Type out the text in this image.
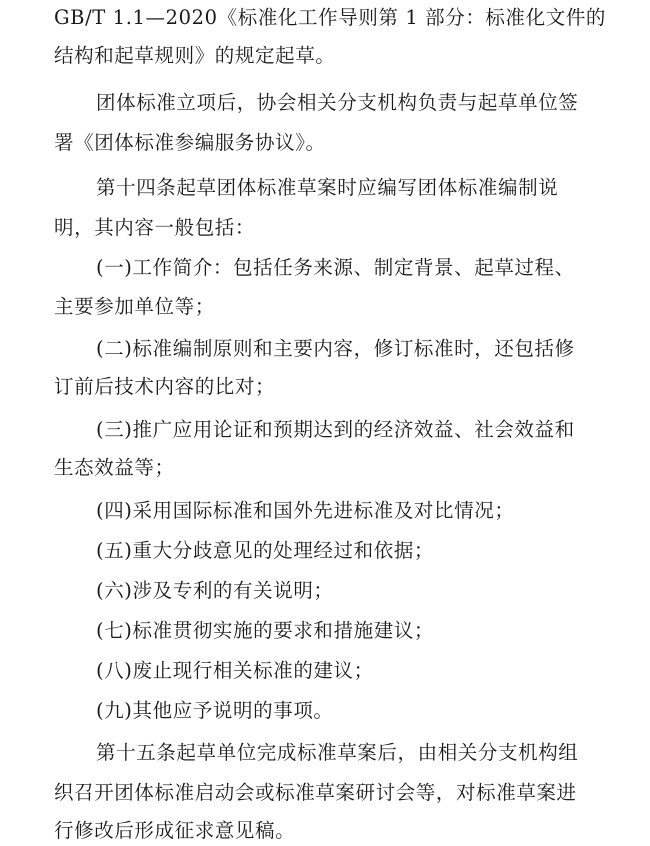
GB/T 1.1—2020《标准化工作导则第 1 部分：标准化文件的
结构和起草规则》的规定起草。
团体标准立项后，协会相关分支机构负责与起草单位签
署《团体标准参编服务协议》。
第十四条起草团体标准草案时应编写团体标准编制说
明，其内容一般包括：
(一)工作简介：包括任务来源、制定背景、起草过程、
主要参加单位等；
(二)标准编制原则和主要内容，修订标准时，还包括修
订前后技术内容的比对；
(三)推广应用论证和预期达到的经济效益、社会效益和
生态效益等；
(四)采用国际标准和国外先进标准及对比情况；
(五)重大分歧意见的处理经过和依据；
(六)涉及专利的有关说明；
(七)标准贯彻实施的要求和措施建议；
(八)废止现行相关标准的建议；
(九)其他应予说明的事项。
第十五条起草单位完成标准草案后，由相关分支机构组
织召开团体标准启动会或标准草案研讨会等，对标准草案进
行修改后形成征求意见稿。
